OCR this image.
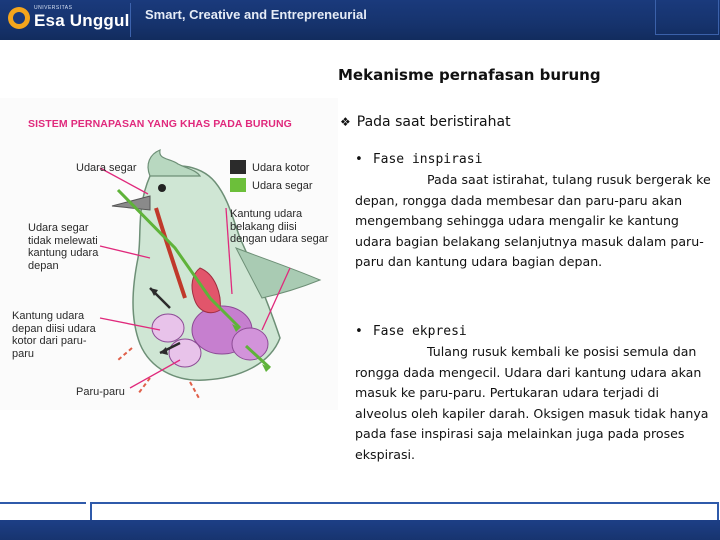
UNIVERSITAS
Esa Unggul Smart, Creative and Entrepreneurial
SISTEM PERNAPASAN YANG KHAS PADA BURUNG
Udara segar	Udara kotor
Udara segar
Kantung udara belakang diisi dengan udara segar
Udara segar tidak melewati kantung udara depan
Kantung udara depan diisi udara kotor dari paru-paru
Paru-paru
Mekanisme pernafasan burung
❖ Pada saat beristirahat
• Fase inspirasi

Pada saat istirahat, tulang rusuk bergerak ke depan, rongga dada membesar dan paru-paru akan mengembang sehingga udara mengalir ke kantung udara bagian belakang selanjutnya masuk dalam paru-paru dan kantung udara bagian depan.

• Fase ekpresi

Tulang rusuk kembali ke posisi semula dan rongga dada mengecil. Udara dari kantung udara akan masuk ke paru-paru. Pertukaran udara terjadi di alveolus oleh kapiler darah. Oksigen masuk tidak hanya pada fase inspirasi saja melainkan juga pada proses ekspirasi.
